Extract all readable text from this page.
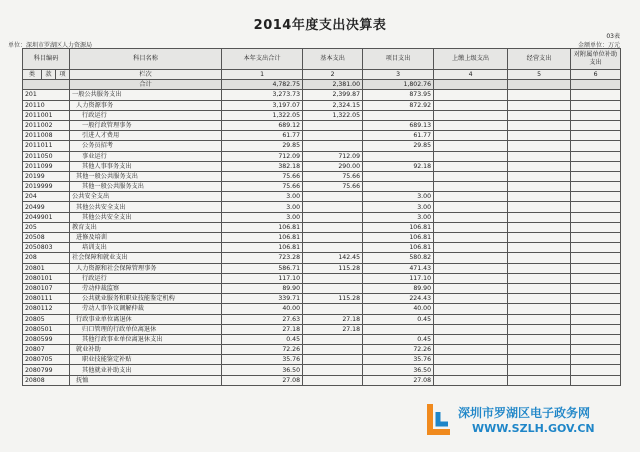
2014年度支出决算表
03表
单位：深圳市罗湖区人力资源局	金额单位：万元
科目编码			科目名称	本年支出合计	基本支出	项目支出	上缴上级支出	经营支出	对附属单位补助支出
类	款	项	栏次	1	2	3	4	5	6
			合计	4,782.75	2,381.00	1,802.76			
201			一般公共服务支出	3,273.73	2,399.87	873.95			
20110			人力资源事务	3,197.07	2,324.15	872.92			
2011001			行政运行	1,322.05	1,322.05				
2011002			一般行政管理事务	689.12		689.13			
2011008			引进人才费用	61.77		61.77			
2011011			公务员招考	29.85		29.85			
2011050			事业运行	712.09	712.09				
2011099			其他人事事务支出	382.18	290.00	92.18			
20199			其他一般公共服务支出	75.66	75.66				
2019999			其他一般公共服务支出	75.66	75.66				
204			公共安全支出	3.00		3.00			
20499			其他公共安全支出	3.00		3.00			
2049901			其他公共安全支出	3.00		3.00			
205			教育支出	106.81		106.81			
20508			进修及培训	106.81		106.81			
2050803			培训支出	106.81		106.81			
208			社会保障和就业支出	723.28	142.45	580.82			
20801			人力资源和社会保障管理事务	586.71	115.28	471.43			
2080101			行政运行	117.10		117.10			
2080107			劳动仲裁监察	89.90		89.90			
2080111			公共就业服务和职业技能鉴定机构	339.71	115.28	224.43			
2080112			劳动人事争议调解仲裁	40.00		40.00			
20805			行政事业单位离退休	27.63	27.18	0.45			
2080501			归口管理的行政单位离退休	27.18	27.18				
2080599			其他行政事业单位离退休支出	0.45		0.45			
20807			就业补助	72.26		72.26			
2080705			职业技能鉴定补贴	35.76		35.76			
2080799			其他就业补助支出	36.50		36.50			
20808			抚恤	27.08		27.08			
深圳市罗湖区电子政务网
WWW.SZLH.GOV.CN
